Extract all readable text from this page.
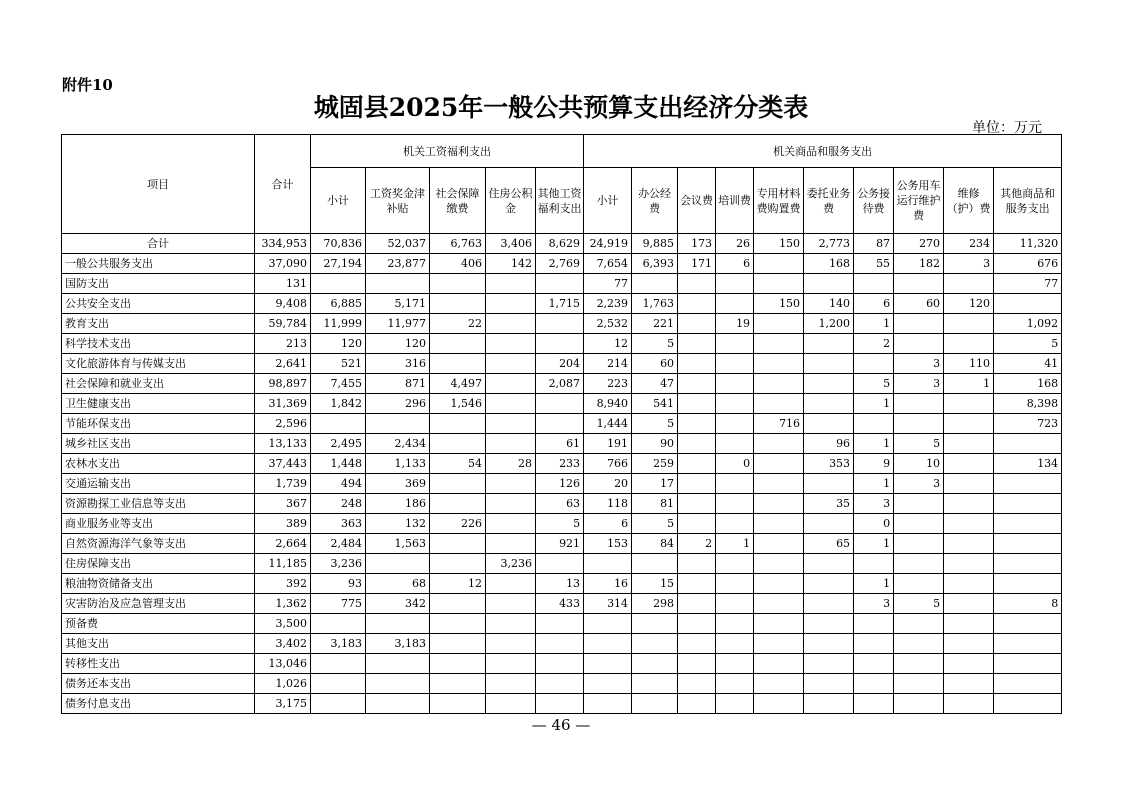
附件10
城固县2025年一般公共预算支出经济分类表
单位：万元
项目	合计	机关工资福利支出					机关商品和服务支出									
		小计	工资奖金津补贴	社会保障缴费	住房公积金	其他工资福利支出	小计	办公经费	会议费	培训费	专用材料费购置费	委托业务费	公务接待费	公务用车运行维护费	维修（护）费	其他商品和服务支出
合计	334,953	70,836	52,037	6,763	3,406	8,629	24,919	9,885	173	26	150	2,773	87	270	234	11,320
一般公共服务支出	37,090	27,194	23,877	406	142	2,769	7,654	6,393	171	6		168	55	182	3	676
国防支出	131						77									77
公共安全支出	9,408	6,885	5,171			1,715	2,239	1,763			150	140	6	60	120	
教育支出	59,784	11,999	11,977	22			2,532	221		19		1,200	1			1,092
科学技术支出	213	120	120				12	5					2			5
文化旅游体育与传媒支出	2,641	521	316			204	214	60						3	110	41
社会保障和就业支出	98,897	7,455	871	4,497		2,087	223	47					5	3	1	168
卫生健康支出	31,369	1,842	296	1,546			8,940	541					1			8,398
节能环保支出	2,596						1,444	5			716					723
城乡社区支出	13,133	2,495	2,434			61	191	90				96	1	5		
农林水支出	37,443	1,448	1,133	54	28	233	766	259		0		353	9	10		134
交通运输支出	1,739	494	369			126	20	17					1	3		
资源勘探工业信息等支出	367	248	186			63	118	81				35	3			
商业服务业等支出	389	363	132	226		5	6	5					0			
自然资源海洋气象等支出	2,664	2,484	1,563			921	153	84	2	1		65	1			
住房保障支出	11,185	3,236			3,236											
粮油物资储备支出	392	93	68	12		13	16	15					1			
灾害防治及应急管理支出	1,362	775	342			433	314	298					3	5		8
预备费	3,500															
其他支出	3,402	3,183	3,183													
转移性支出	13,046															
债务还本支出	1,026															
债务付息支出	3,175															
— 46 —
